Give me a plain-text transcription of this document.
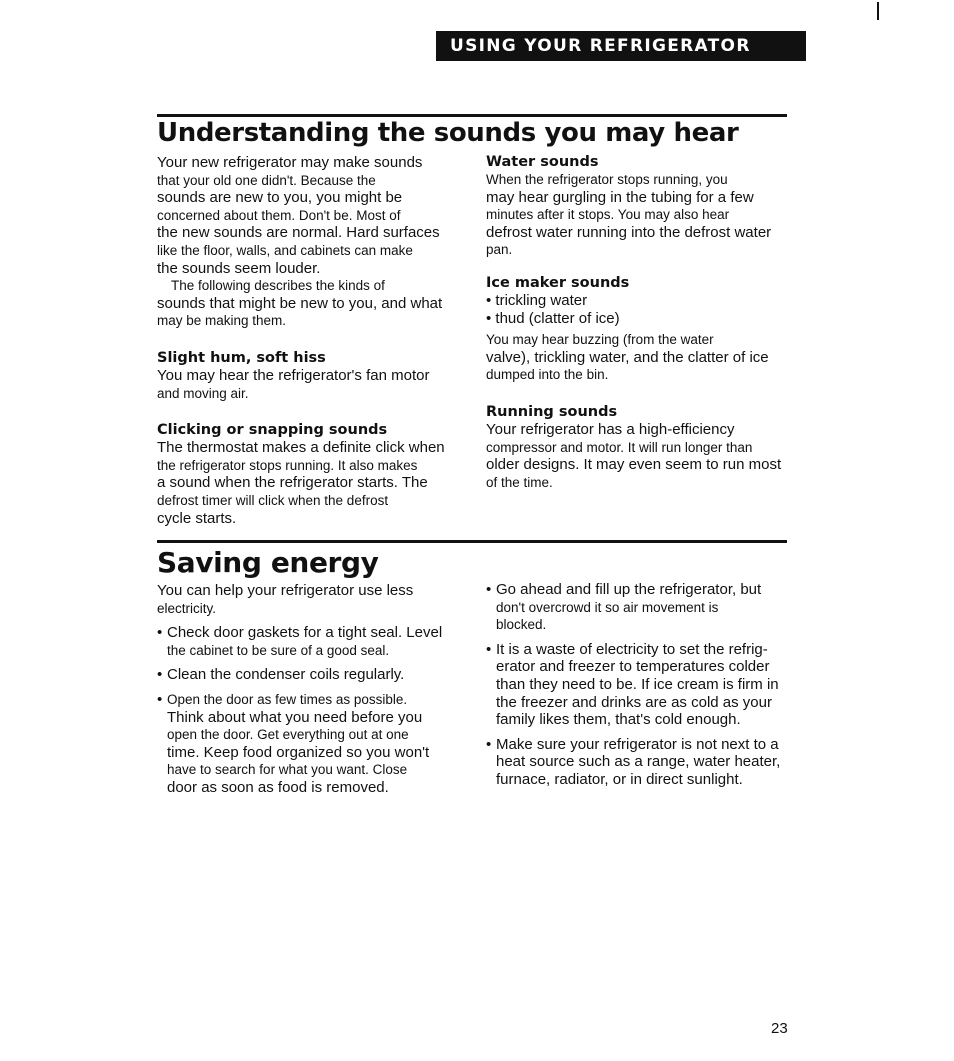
USING YOUR REFRIGERATOR
Understanding the sounds you may hear

Your new refrigerator may make sounds
that your old one didn't. Because the
sounds are new to you, you might be
concerned about them. Don't be. Most of
the new sounds are normal. Hard surfaces
like the floor, walls, and cabinets can make
the sounds seem louder.

The following describes the kinds of

sounds that might be new to you, and what
may be making them.

Slight hum, soft hiss

You may hear the refrigerator's fan motor
and moving air.

Clicking or snapping sounds

The thermostat makes a definite click when
the refrigerator stops running. It also makes
a sound when the refrigerator starts. The
defrost timer will click when the defrost
cycle starts.

Water sounds

When the refrigerator stops running, you
may hear gurgling in the tubing for a few
minutes after it stops. You may also hear
defrost water running into the defrost water
pan.

Ice maker sounds

• trickling water
• thud (clatter of ice)

You may hear buzzing (from the water
valve), trickling water, and the clatter of ice
dumped into the bin.

Running sounds

Your refrigerator has a high-efficiency
compressor and motor. It will run longer than
older designs. It may even seem to run most
of the time.

Saving energy

You can help your refrigerator use less
electricity.

• Check door gaskets for a tight seal. Level
the cabinet to be sure of a good seal.
• Clean the condenser coils regularly.
• Open the door as few times as possible.
Think about what you need before you
open the door. Get everything out at one
time. Keep food organized so you won't
have to search for what you want. Close
door as soon as food is removed.
• Go ahead and fill up the refrigerator, but
don't overcrowd it so air movement is
blocked.
• It is a waste of electricity to set the refrig-
erator and freezer to temperatures colder
than they need to be. If ice cream is firm in
the freezer and drinks are as cold as your
family likes them, that's cold enough.
• Make sure your refrigerator is not next to a
heat source such as a range, water heater,
furnace, radiator, or in direct sunlight.
23
